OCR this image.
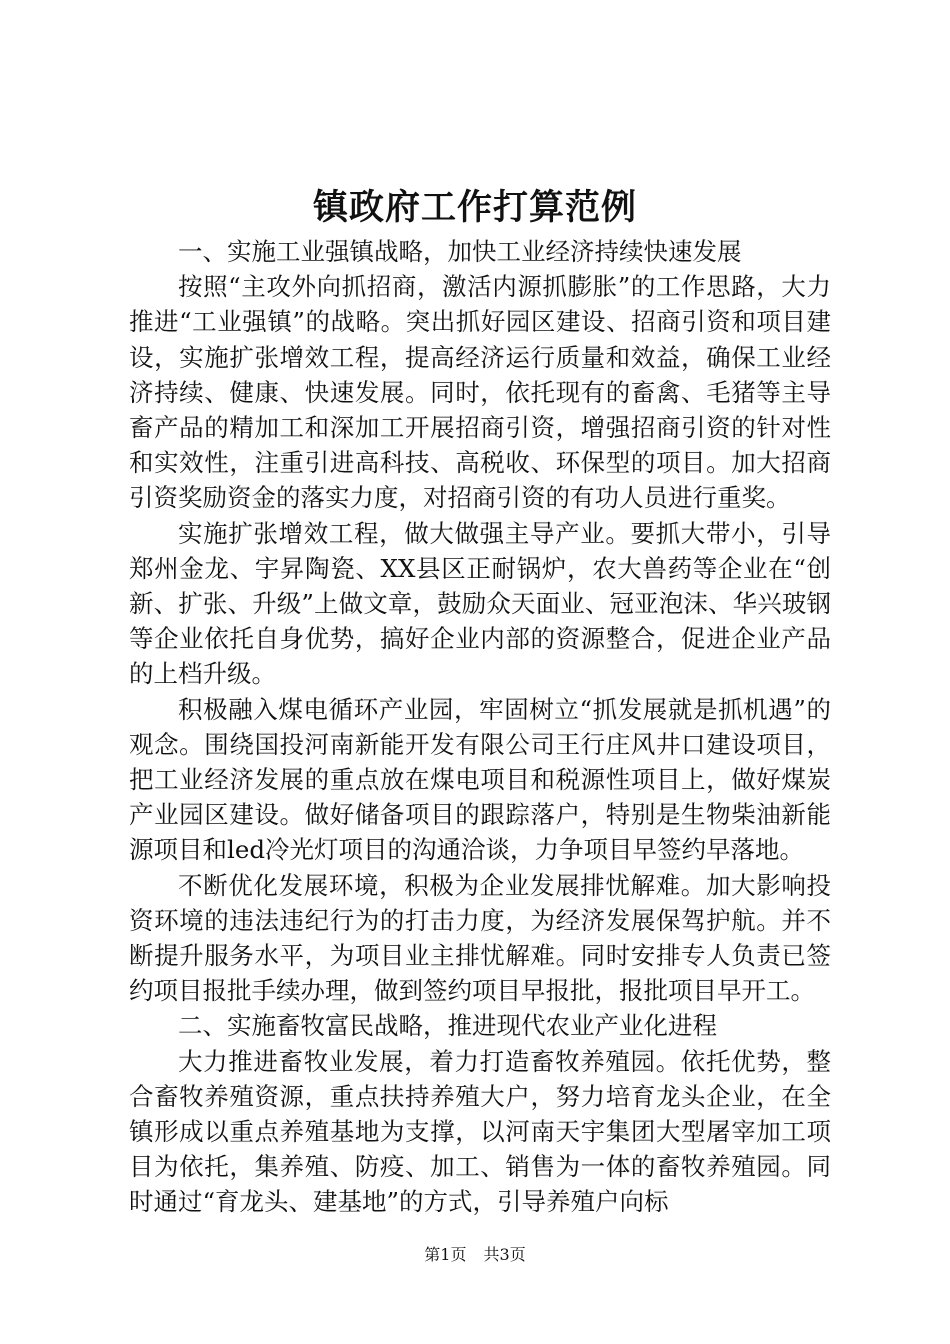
镇政府工作打算范例

一、实施工业强镇战略，加快工业经济持续快速发展

按照“主攻外向抓招商，激活内源抓膨胀”的工作思路，大力推进“工业强镇”的战略。突出抓好园区建设、招商引资和项目建设，实施扩张增效工程，提高经济运行质量和效益，确保工业经济持续、健康、快速发展。同时，依托现有的畜禽、毛猪等主导畜产品的精加工和深加工开展招商引资，增强招商引资的针对性和实效性，注重引进高科技、高税收、环保型的项目。加大招商引资奖励资金的落实力度，对招商引资的有功人员进行重奖。

实施扩张增效工程，做大做强主导产业。要抓大带小，引导郑州金龙、宇昇陶瓷、XX县区正耐锅炉，农大兽药等企业在“创新、扩张、升级”上做文章，鼓励众天面业、冠亚泡沫、华兴玻钢等企业依托自身优势，搞好企业内部的资源整合，促进企业产品的上档升级。

积极融入煤电循环产业园，牢固树立“抓发展就是抓机遇”的观念。围绕国投河南新能开发有限公司王行庄风井口建设项目，把工业经济发展的重点放在煤电项目和税源性项目上，做好煤炭产业园区建设。做好储备项目的跟踪落户，特别是生物柴油新能源项目和led冷光灯项目的沟通洽谈，力争项目早签约早落地。

不断优化发展环境，积极为企业发展排忧解难。加大影响投资环境的违法违纪行为的打击力度，为经济发展保驾护航。并不断提升服务水平，为项目业主排忧解难。同时安排专人负责已签约项目报批手续办理，做到签约项目早报批，报批项目早开工。

二、实施畜牧富民战略，推进现代农业产业化进程

大力推进畜牧业发展，着力打造畜牧养殖园。依托优势，整合畜牧养殖资源，重点扶持养殖大户，努力培育龙头企业，在全镇形成以重点养殖基地为支撑，以河南天宇集团大型屠宰加工项目为依托，集养殖、防疫、加工、销售为一体的畜牧养殖园。同时通过“育龙头、建基地”的方式，引导养殖户向标

第1页 共3页
